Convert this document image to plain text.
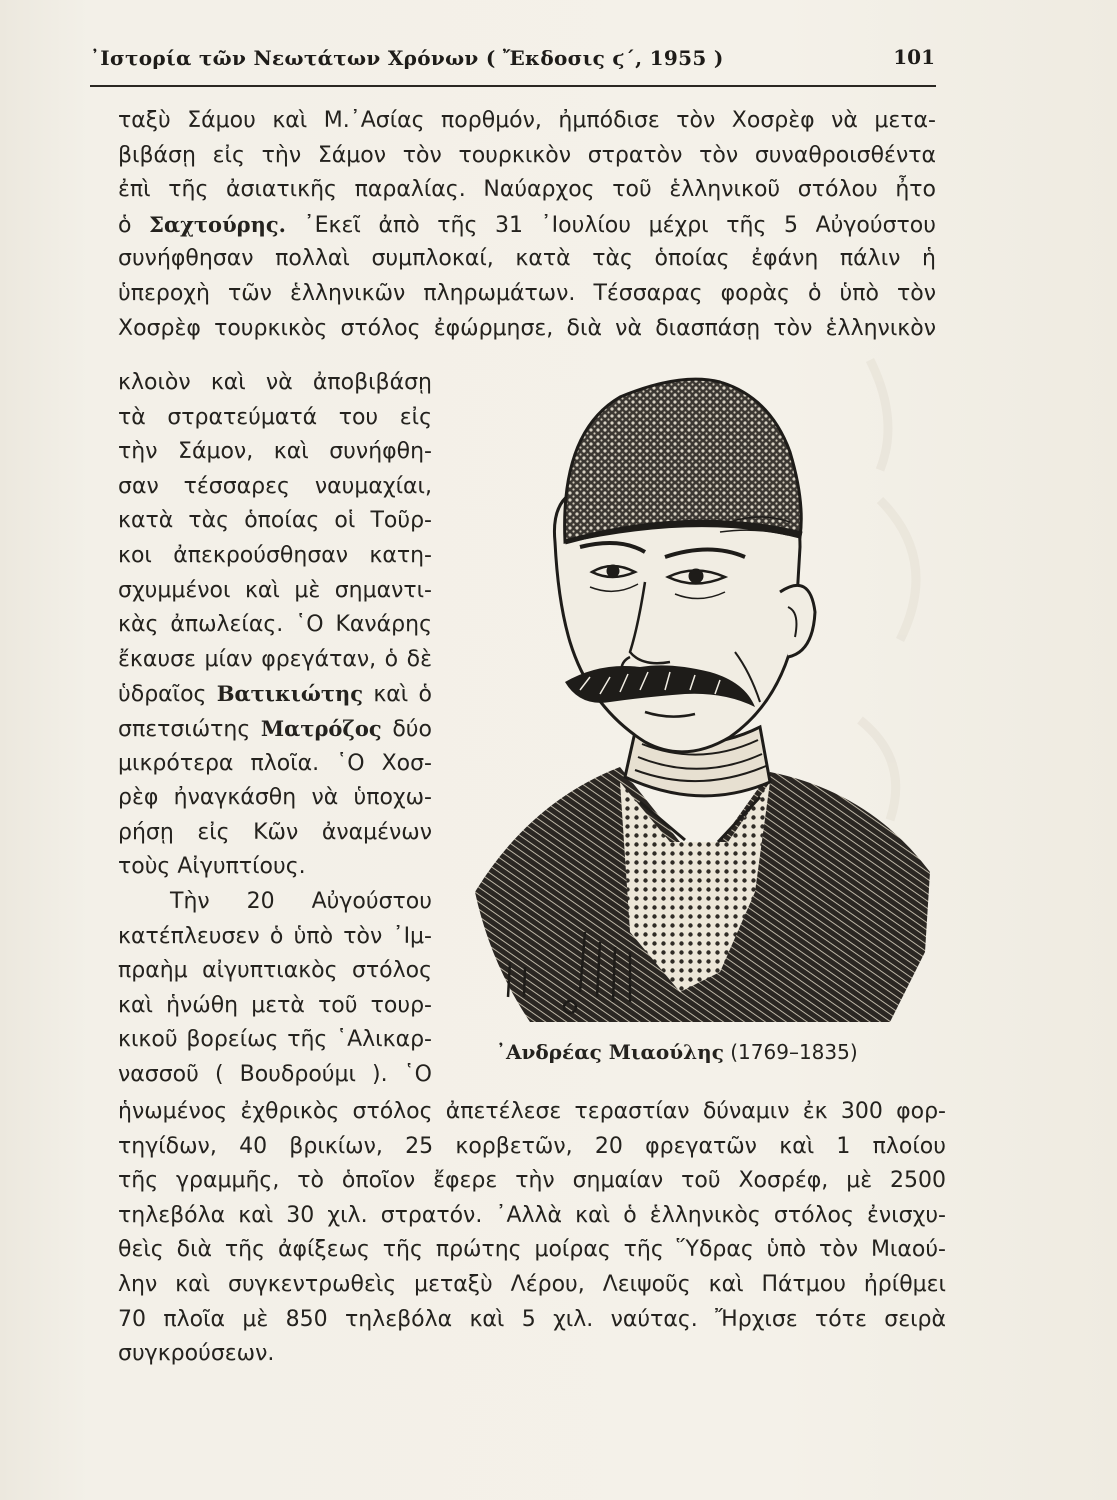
᾿Ιστορία τῶν Νεωτάτων Χρόνων ( Ἔκδοσις ϛ΄, 1955 )	101
ταξὺ Σάμου καὶ Μ.᾿Ασίας πορθμόν, ἠμπόδισε τὸν Χοσρὲφ νὰ μετα-
βιβάσῃ εἰς τὴν Σάμον τὸν τουρκικὸν στρατὸν τὸν συναθροισθέντα
ἐπὶ τῆς ἀσιατικῆς παραλίας. Ναύαρχος τοῦ ἑλληνικοῦ στόλου ἦτο
ὁ Σαχτούρης. ᾿Εκεῖ ἀπὸ τῆς 31 ᾿Ιουλίου μέχρι τῆς 5 Αὐγούστου
συνήφθησαν πολλαὶ συμπλοκαί, κατὰ τὰς ὁποίας ἐφάνη πάλιν ἡ
ὑπεροχὴ τῶν ἑλληνικῶν πληρωμάτων. Τέσσαρας φορὰς ὁ ὑπὸ τὸν
Χοσρὲφ τουρκικὸς στόλος ἐφώρμησε, διὰ νὰ διασπάσῃ τὸν ἑλληνικὸν
κλοιὸν καὶ νὰ ἀποβιβάσῃ
τὰ στρατεύματά του εἰς
τὴν Σάμον, καὶ συνήφθη-
σαν τέσσαρες ναυμαχίαι,
κατὰ τὰς ὁποίας οἱ Τοῦρ-
κοι ἀπεκρούσθησαν κατη-
σχυμμένοι καὶ μὲ σημαντι-
κὰς ἀπωλείας. ῾Ο Κανάρης
ἔκαυσε μίαν φρεγάταν, ὁ δὲ
ὑδραῖος Βατικιώτης καὶ ὁ
σπετσιώτης Ματρόζος δύο
μικρότερα πλοῖα. ῾Ο Χοσ-
ρὲφ ἠναγκάσθη νὰ ὑποχω-
ρήσῃ εἰς Κῶν ἀναμένων
τοὺς Αἰγυπτίους.
Τὴν 20 Αὐγούστου
κατέπλευσεν ὁ ὑπὸ τὸν ᾿Ιμ-
πραὴμ αἰγυπτιακὸς στόλος
καὶ ἡνώθη μετὰ τοῦ τουρ-
κικοῦ βορείως τῆς ῾Αλικαρ-
νασσοῦ ( Βουδρούμι ). ῾Ο
᾿Ανδρέας Μιαούλης (1769–1835)
ἡνωμένος ἐχθρικὸς στόλος ἀπετέλεσε τεραστίαν δύναμιν ἐκ 300 φορ-
τηγίδων, 40 βρικίων, 25 κορβετῶν, 20 φρεγατῶν καὶ 1 πλοίου
τῆς γραμμῆς, τὸ ὁποῖον ἔφερε τὴν σημαίαν τοῦ Χοσρέφ, μὲ 2500
τηλεβόλα καὶ 30 χιλ. στρατόν. ᾿Αλλὰ καὶ ὁ ἑλληνικὸς στόλος ἐνισχυ-
θεὶς διὰ τῆς ἀφίξεως τῆς πρώτης μοίρας τῆς Ὕδρας ὑπὸ τὸν Μιαού-
λην καὶ συγκεντρωθεὶς μεταξὺ Λέρου, Λειψοῦς καὶ Πάτμου ἠρίθμει
70 πλοῖα μὲ 850 τηλεβόλα καὶ 5 χιλ. ναύτας. Ἤρχισε τότε σειρὰ
συγκρούσεων.
